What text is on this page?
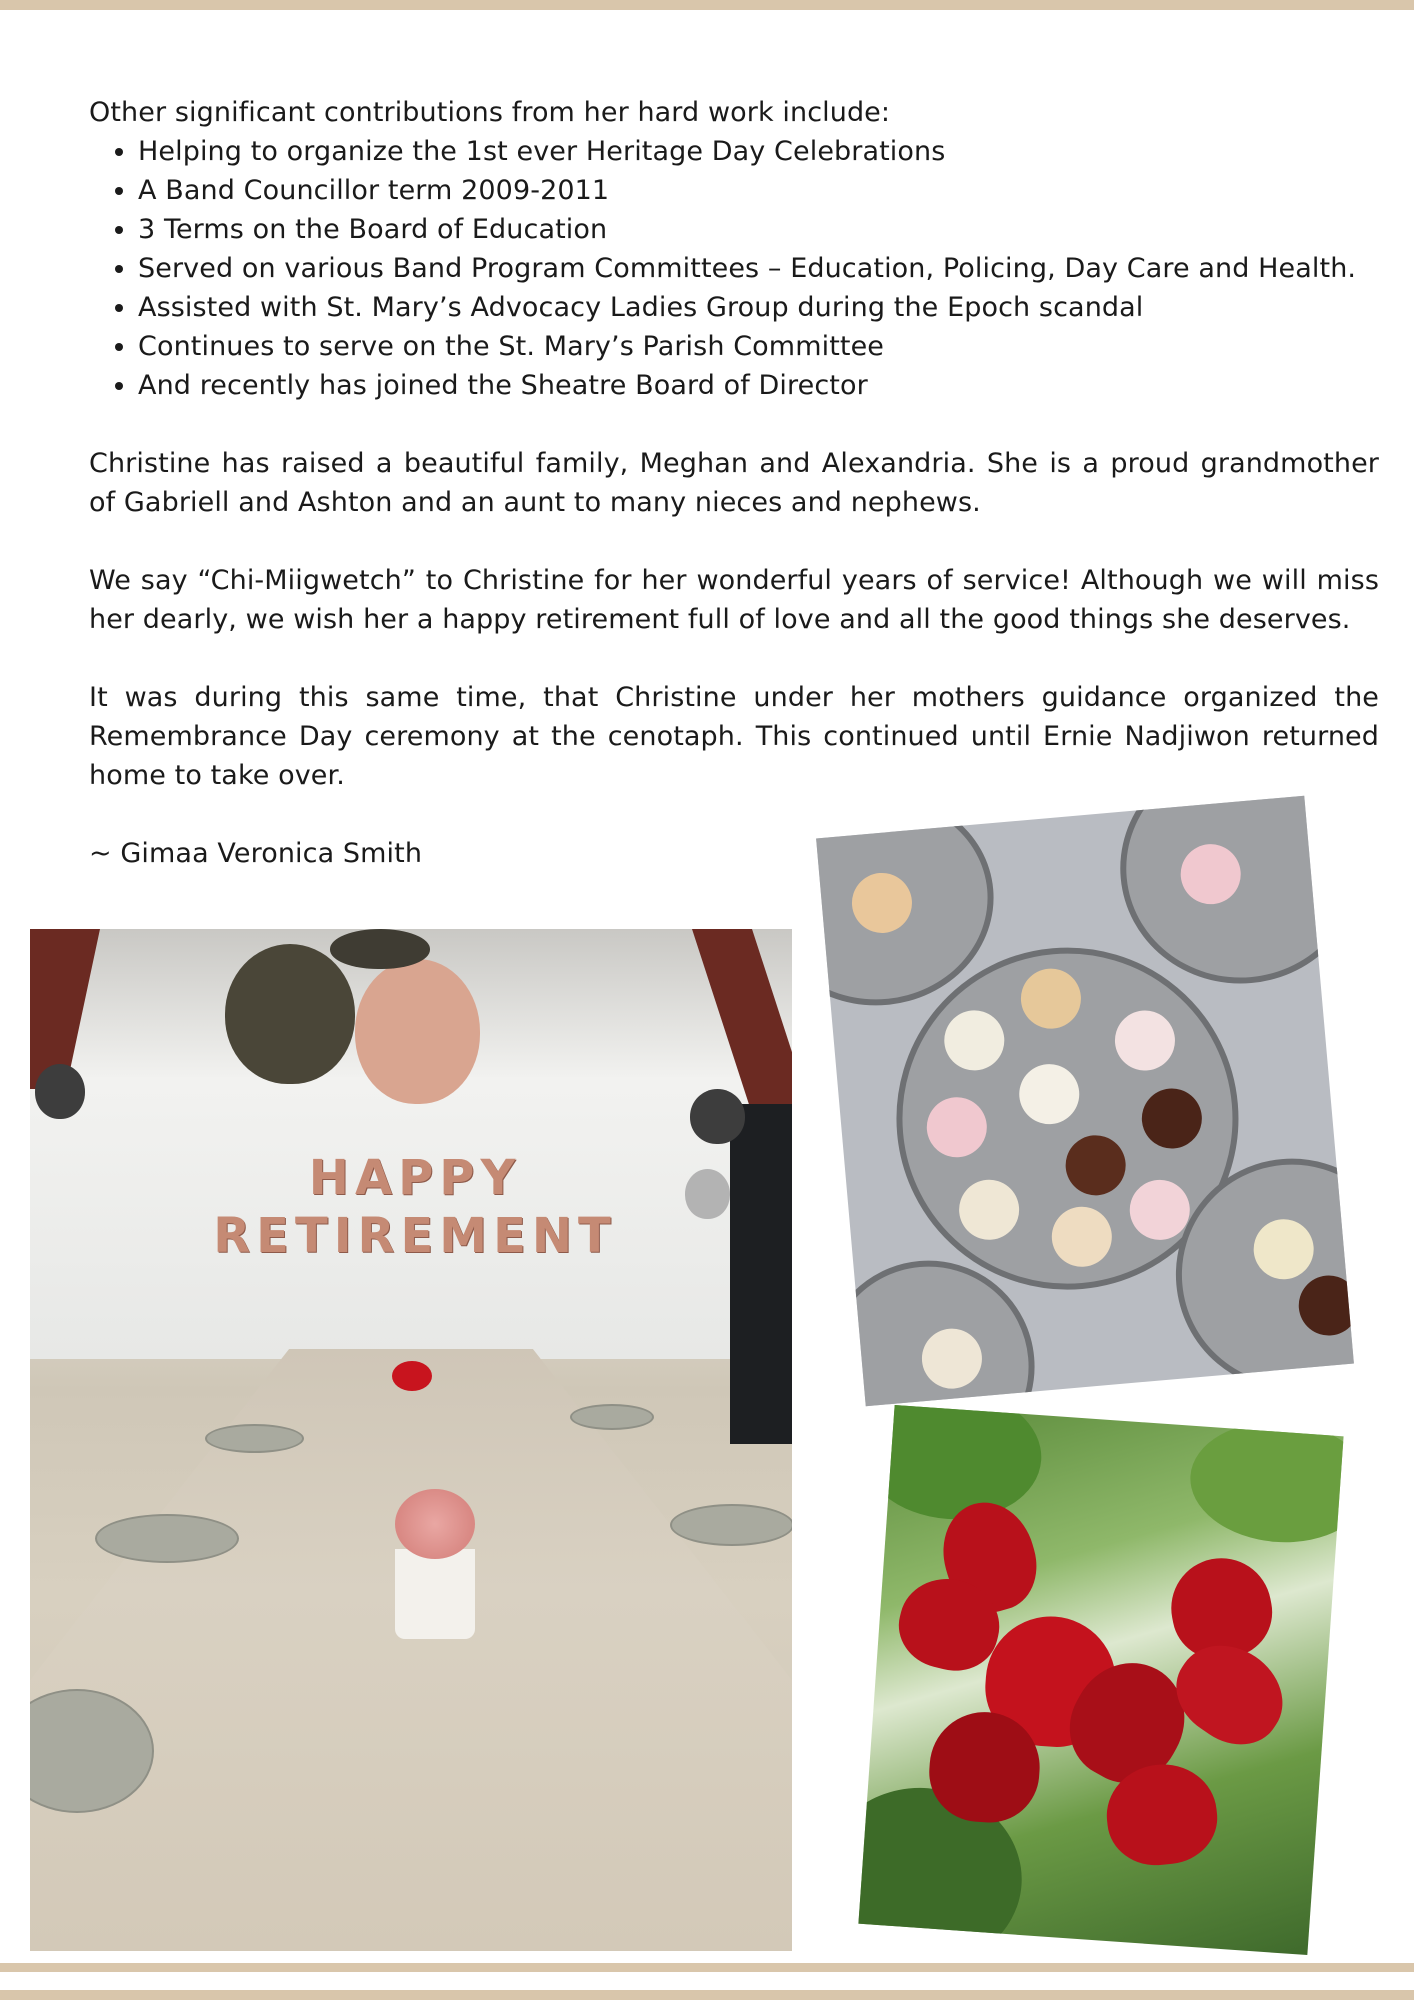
Other significant contributions from her hard work include:

• Helping to organize the 1st ever Heritage Day Celebrations
• A Band Councillor term 2009-2011
• 3 Terms on the Board of Education
• Served on various Band Program Committees – Education, Policing, Day Care and Health.
• Assisted with St. Mary’s Advocacy Ladies Group during the Epoch scandal
• Continues to serve on the St. Mary’s Parish Committee
• And recently has joined the Sheatre Board of Director

Christine has raised a beautiful family, Meghan and Alexandria. She is a proud grandmother of Gabriell and Ashton and an aunt to many nieces and nephews.

We say “Chi-Miigwetch” to Christine for her wonderful years of service! Although we will miss her dearly, we wish her a happy retirement full of love and all the good things she deserves.

It was during this same time, that Christine under her mothers guidance organized the Remembrance Day ceremony at the cenotaph. This continued until Ernie Nadjiwon returned home to take over.

~ Gimaa Veronica Smith

HAPPY
RETIREMENT
